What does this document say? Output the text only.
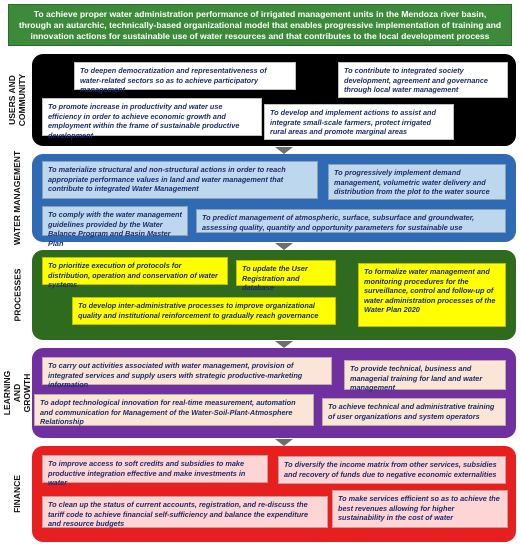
To achieve proper water administration performance of irrigated management units in the Mendoza river basin, through an autarchic, technically-based organizational model that enables progressive implementation of training and innovation actions for sustainable use of water resources and that contributes to the local development process
USERS AND COMMUNITY
To deepen democratization and representativeness of water-related sectors so as to achieve participatory management
To contribute to integrated society development, agreement and governance through local water management
To promote increase in productivity and water use efficiency in order to achieve economic growth and employment within the frame of sustainable productive development
To develop and implement actions to assist and integrate small-scale farmers, protect irrigated rural areas and promote marginal areas
WATER MANAGEMENT	To materialize structural and non-structural actions in order to reach appropriate performance values in land and water management that contribute to integrated Water Management
To progressively implement demand management, volumetric water delivery and distribution from the plot to the water source
To comply with the water management guidelines provided by the Water Balance Program and Basin Master Plan
To predict management of atmospheric, surface, subsurface and groundwater, assessing quality, quantity and opportunity parameters for sustainable use
PROCESSES
To prioritize execution of protocols for distribution, operation and conservation of water systems
To update the User Registration and database
To formalize water management and monitoring procedures for the surveillance, control and follow-up of water administration processes of the Water Plan 2020
To develop inter-administrative processes to improve organizational quality and institutional reinforcement to gradually reach governance
LEARNING AND GROWTH
To carry out activities associated with water management, provision of integrated services and supply users with strategic productive-marketing information
To provide technical, business and managerial training for land and water management
To adopt technological innovation for real-time measurement, automation and communication for Management of the Water-Soil-Plant-Atmosphere Relationship
To achieve technical and administrative training of user organizations and system operators
FINANCE
To improve access to soft credits and subsidies to make productive integration effective and make investments in water
To diversify the income matrix from other services, subsidies and recovery of funds due to negative economic externalities
To clean up the status of current accounts, registration, and re-discuss the tariff code to achieve financial self-sufficiency and balance the expenditure and resource budgets
To make services efficient so as to achieve the best revenues allowing for higher sustainability in the cost of water
